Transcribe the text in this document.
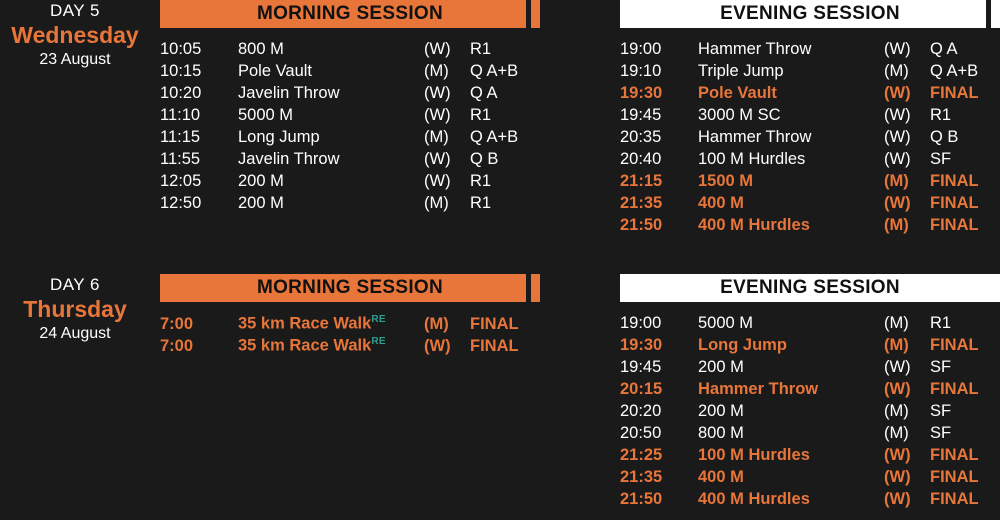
DAY 5
Wednesday
23 August
MORNING SESSION
10:05	800 M	(W)	R1
10:15	Pole Vault	(M)	Q A+B
10:20	Javelin Throw	(W)	Q A
11:10	5000 M	(W)	R1
11:15	Long Jump	(M)	Q A+B
11:55	Javelin Throw	(W)	Q B
12:05	200 M	(W)	R1
12:50	200 M	(M)	R1
EVENING SESSION
19:00	Hammer Throw	(W)	Q A
19:10	Triple Jump	(M)	Q A+B
19:30	Pole Vault	(W)	FINAL
19:45	3000 M SC	(W)	R1
20:35	Hammer Throw	(W)	Q B
20:40	100 M Hurdles	(W)	SF
21:15	1500 M	(M)	FINAL
21:35	400 M	(W)	FINAL
21:50	400 M Hurdles	(M)	FINAL
DAY 6
Thursday
24 August
MORNING SESSION
7:00	35 km Race Walk$^{RE}$	(M)	FINAL
7:00	35 km Race Walk$^{RE}$	(W)	FINAL
EVENING SESSION
19:00	5000 M	(M)	R1
19:30	Long Jump	(M)	FINAL
19:45	200 M	(W)	SF
20:15	Hammer Throw	(W)	FINAL
20:20	200 M	(M)	SF
20:50	800 M	(M)	SF
21:25	100 M Hurdles	(W)	FINAL
21:35	400 M	(W)	FINAL
21:50	400 M Hurdles	(W)	FINAL
